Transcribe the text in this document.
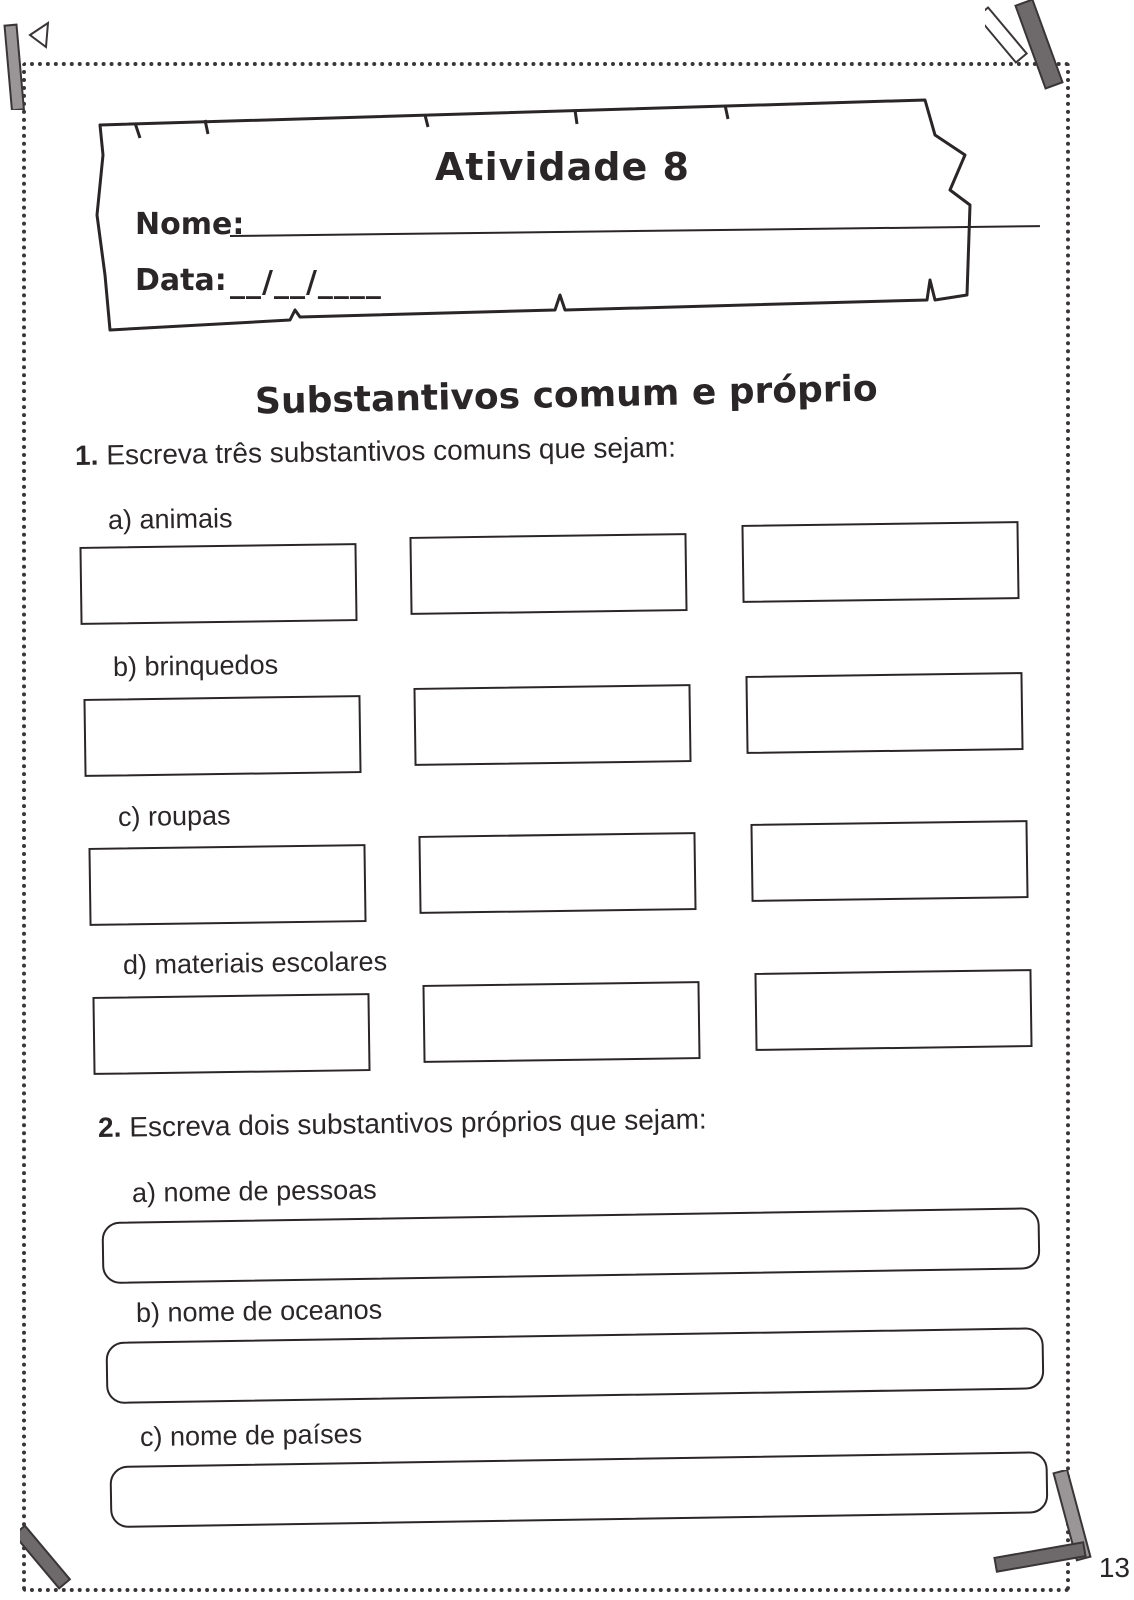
Atividade 8
Nome:
Data: __/__/____
Substantivos comum e próprio
1. Escreva três substantivos comuns que sejam:
a) animais
b) brinquedos
c) roupas
d) materiais escolares
2. Escreva dois substantivos próprios que sejam:
a) nome de pessoas
b) nome de oceanos
c) nome de países
13
